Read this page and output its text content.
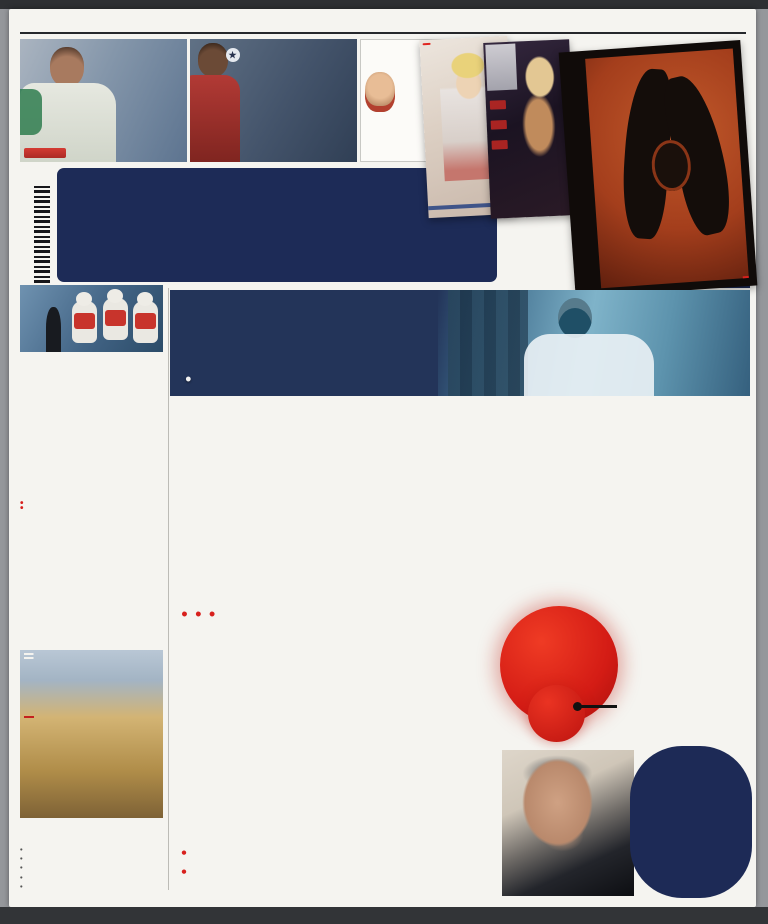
★
•
•
•
•
•
•

• • •

•
•
